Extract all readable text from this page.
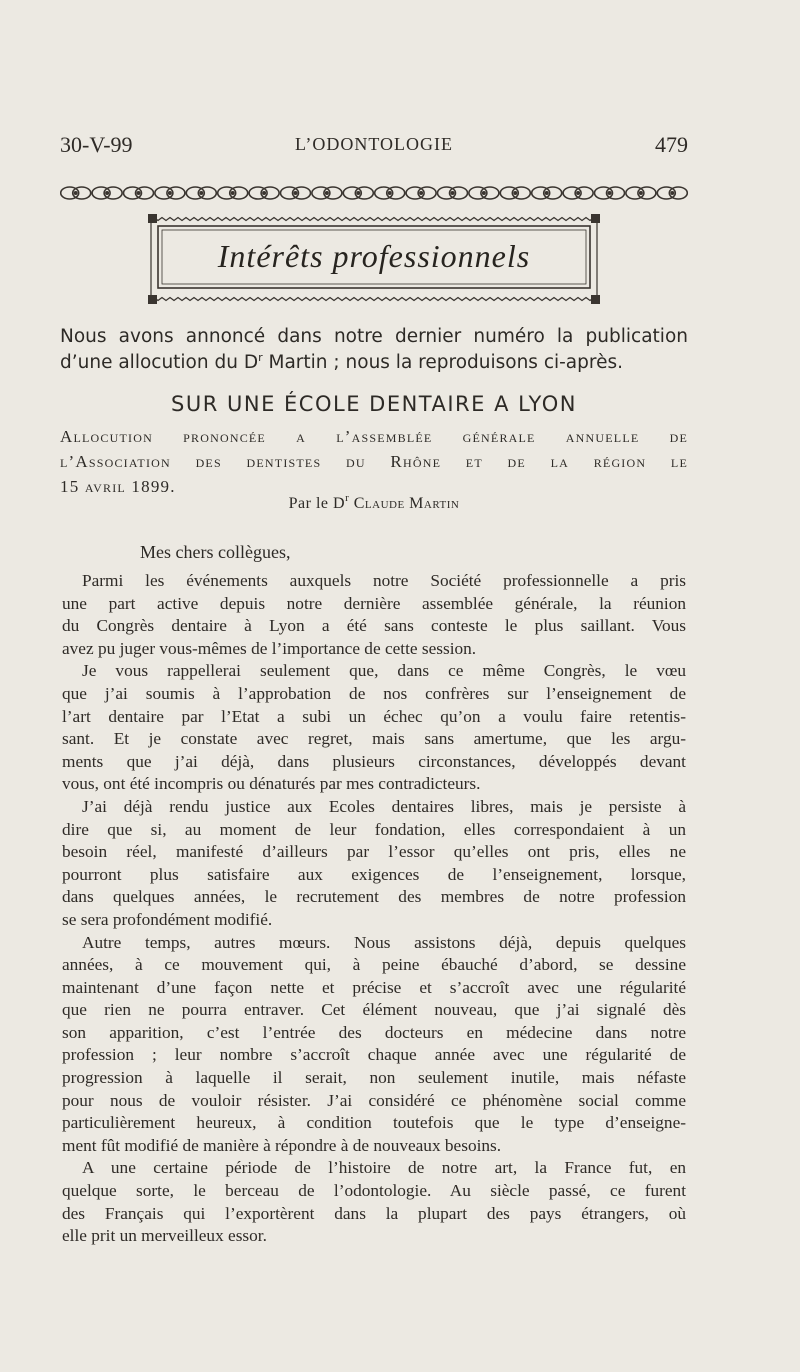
30-V-99	L’ODONTOLOGIE	479
Intérêts professionnels

Nous avons annoncé dans notre dernier numéro la publication

d’une allocution du $D^r$ Martin ; nous la reproduisons ci-après.

SUR UNE ÉCOLE DENTAIRE A LYON
Allocution prononcée a l’assemblée générale annuelle de
l’Association des dentistes du Rhône et de la région le
15 avril 1899.
Par le $D^r$ Claude Martin
Mes chers collègues,
Parmi les événements auxquels notre Société professionnelle a pris
une part active depuis notre dernière assemblée générale, la réunion
du Congrès dentaire à Lyon a été sans conteste le plus saillant. Vous
avez pu juger vous-mêmes de l’importance de cette session.
Je vous rappellerai seulement que, dans ce même Congrès, le vœu
que j’ai soumis à l’approbation de nos confrères sur l’enseignement de
l’art dentaire par l’Etat a subi un échec qu’on a voulu faire retentis-
sant. Et je constate avec regret, mais sans amertume, que les argu-
ments que j’ai déjà, dans plusieurs circonstances, développés devant
vous, ont été incompris ou dénaturés par mes contradicteurs.
J’ai déjà rendu justice aux Ecoles dentaires libres, mais je persiste à
dire que si, au moment de leur fondation, elles correspondaient à un
besoin réel, manifesté d’ailleurs par l’essor qu’elles ont pris, elles ne
pourront plus satisfaire aux exigences de l’enseignement, lorsque,
dans quelques années, le recrutement des membres de notre profession
se sera profondément modifié.
Autre temps, autres mœurs. Nous assistons déjà, depuis quelques
années, à ce mouvement qui, à peine ébauché d’abord, se dessine
maintenant d’une façon nette et précise et s’accroît avec une régularité
que rien ne pourra entraver. Cet élément nouveau, que j’ai signalé dès
son apparition, c’est l’entrée des docteurs en médecine dans notre
profession ; leur nombre s’accroît chaque année avec une régularité de
progression à laquelle il serait, non seulement inutile, mais néfaste
pour nous de vouloir résister. J’ai considéré ce phénomène social comme
particulièrement heureux, à condition toutefois que le type d’enseigne-
ment fût modifié de manière à répondre à de nouveaux besoins.
A une certaine période de l’histoire de notre art, la France fut, en
quelque sorte, le berceau de l’odontologie. Au siècle passé, ce furent
des Français qui l’exportèrent dans la plupart des pays étrangers, où
elle prit un merveilleux essor.
